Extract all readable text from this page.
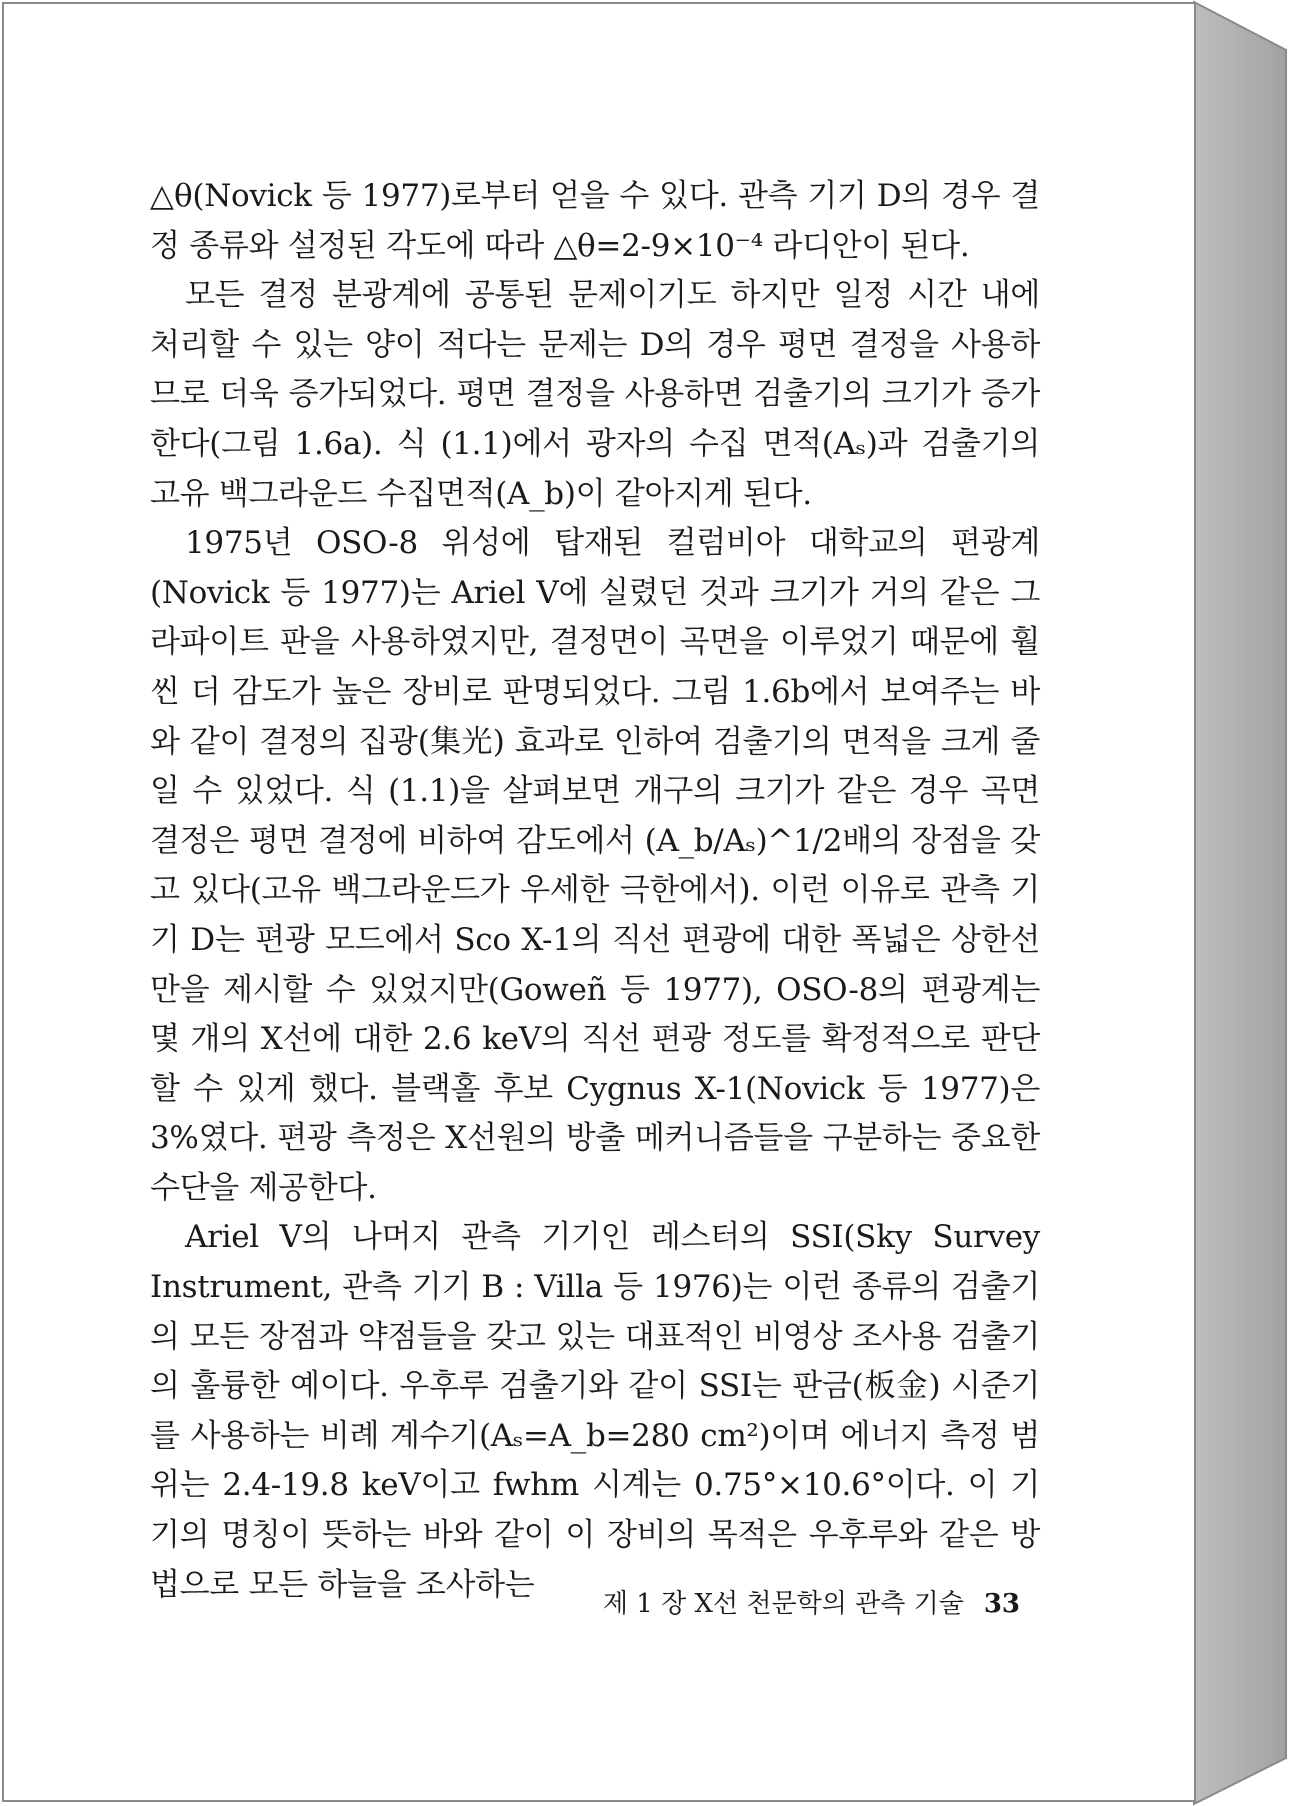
△θ(Novick 등 1977)로부터 얻을 수 있다. 관측 기기 D의 경우 결정 종류와 설정된 각도에 따라 △θ=2-9×10⁻⁴ 라디안이 된다.

모든 결정 분광계에 공통된 문제이기도 하지만 일정 시간 내에 처리할 수 있는 양이 적다는 문제는 D의 경우 평면 결정을 사용하므로 더욱 증가되었다. 평면 결정을 사용하면 검출기의 크기가 증가한다(그림 1.6a). 식 (1.1)에서 광자의 수집 면적(Aₛ)과 검출기의 고유 백그라운드 수집면적(A_b)이 같아지게 된다.

1975년 OSO-8 위성에 탑재된 컬럼비아 대학교의 편광계(Novick 등 1977)는 Ariel V에 실렸던 것과 크기가 거의 같은 그라파이트 판을 사용하였지만, 결정면이 곡면을 이루었기 때문에 훨씬 더 감도가 높은 장비로 판명되었다. 그림 1.6b에서 보여주는 바와 같이 결정의 집광(集光) 효과로 인하여 검출기의 면적을 크게 줄일 수 있었다. 식 (1.1)을 살펴보면 개구의 크기가 같은 경우 곡면 결정은 평면 결정에 비하여 감도에서 (A_b/Aₛ)^1/2배의 장점을 갖고 있다(고유 백그라운드가 우세한 극한에서). 이런 이유로 관측 기기 D는 편광 모드에서 Sco X-1의 직선 편광에 대한 폭넓은 상한선만을 제시할 수 있었지만(Goweñ 등 1977), OSO-8의 편광계는 몇 개의 X선에 대한 2.6 keV의 직선 편광 정도를 확정적으로 판단할 수 있게 했다. 블랙홀 후보 Cygnus X-1(Novick 등 1977)은 3%였다. 편광 측정은 X선원의 방출 메커니즘들을 구분하는 중요한 수단을 제공한다.

Ariel V의 나머지 관측 기기인 레스터의 SSI(Sky Survey Instrument, 관측 기기 B : Villa 등 1976)는 이런 종류의 검출기의 모든 장점과 약점들을 갖고 있는 대표적인 비영상 조사용 검출기의 훌륭한 예이다. 우후루 검출기와 같이 SSI는 판금(板金) 시준기를 사용하는 비례 계수기(Aₛ=A_b=280 cm²)이며 에너지 측정 범위는 2.4-19.8 keV이고 fwhm 시계는 0.75°×10.6°이다. 이 기기의 명칭이 뜻하는 바와 같이 이 장비의 목적은 우후루와 같은 방법으로 모든 하늘을 조사하는

제 1 장 X선 천문학의 관측 기술 33
